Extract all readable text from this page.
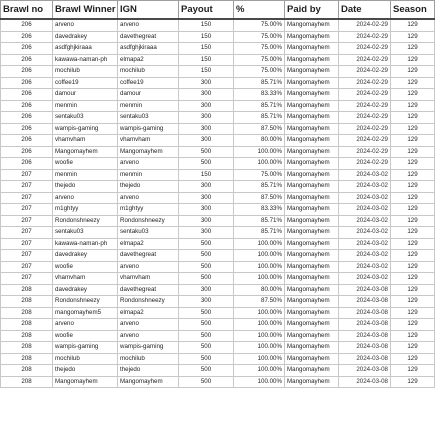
Brawl no	Brawl Winner	IGN	Payout	%	Paid by	Date	Season
206	arveno	arveno	150	75.00%	Mangomayhem	2024-02-29	129
206	davedrakey	davethegreat	150	75.00%	Mangomayhem	2024-02-29	129
206	asdfghjkiraaa	asdfghjkiraaa	150	75.00%	Mangomayhem	2024-02-29	129
206	kawawa-naman-ph	elmapa2	150	75.00%	Mangomayhem	2024-02-29	129
206	mochilub	mochilub	150	75.00%	Mangomayhem	2024-02-29	129
206	coffee19	coffee19	300	85.71%	Mangomayhem	2024-02-29	129
206	damour	damour	300	83.33%	Mangomayhem	2024-02-29	129
206	menmin	menmin	300	85.71%	Mangomayhem	2024-02-29	129
206	sentaku03	sentaku03	300	85.71%	Mangomayhem	2024-02-29	129
206	wampis-gaming	wampis-gaming	300	87.50%	Mangomayhem	2024-02-29	129
206	vhamvham	vhamvham	300	80.00%	Mangomayhem	2024-02-29	129
206	Mangomayhem	Mangomayhem	500	100.00%	Mangomayhem	2024-02-29	129
206	woofie	arveno	500	100.00%	Mangomayhem	2024-02-29	129
207	menmin	menmin	150	75.00%	Mangomayhem	2024-03-02	129
207	thejedo	thejedo	300	85.71%	Mangomayhem	2024-03-02	129
207	arveno	arveno	300	87.50%	Mangomayhem	2024-03-02	129
207	m1ghtyy	m1ghtyy	300	83.33%	Mangomayhem	2024-03-02	129
207	Rondonshneezy	Rondonshneezy	300	85.71%	Mangomayhem	2024-03-02	129
207	sentaku03	sentaku03	300	85.71%	Mangomayhem	2024-03-02	129
207	kawawa-naman-ph	elmapa2	500	100.00%	Mangomayhem	2024-03-02	129
207	davedrakey	davethegreat	500	100.00%	Mangomayhem	2024-03-02	129
207	woofie	arveno	500	100.00%	Mangomayhem	2024-03-02	129
207	vhamvham	vhamvham	500	100.00%	Mangomayhem	2024-03-02	129
208	davedrakey	davethegreat	300	80.00%	Mangomayhem	2024-03-08	129
208	Rondonshneezy	Rondonshneezy	300	87.50%	Mangomayhem	2024-03-08	129
208	mangomayhem5	elmapa2	500	100.00%	Mangomayhem	2024-03-08	129
208	arveno	arveno	500	100.00%	Mangomayhem	2024-03-08	129
208	woofie	arveno	500	100.00%	Mangomayhem	2024-03-08	129
208	wampis-gaming	wampis-gaming	500	100.00%	Mangomayhem	2024-03-08	129
208	mochilub	mochilub	500	100.00%	Mangomayhem	2024-03-08	129
208	thejedo	thejedo	500	100.00%	Mangomayhem	2024-03-08	129
208	Mangomayhem	Mangomayhem	500	100.00%	Mangomayhem	2024-03-08	129
